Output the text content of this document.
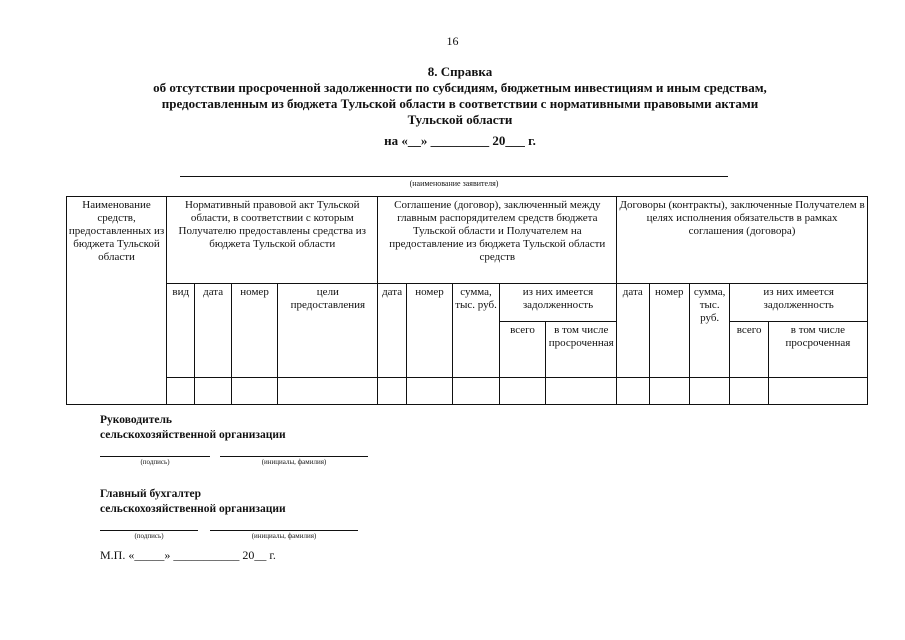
16
8. Справка
об отсутствии просроченной задолженности по субсидиям, бюджетным инвестициям и иным средствам,
предоставленным из бюджета Тульской области в соответствии с нормативными правовыми актами
Тульской области
на «__» _________ 20___ г.
(наименование заявителя)
Наименование средств, предоставленных из бюджета Тульской области	Нормативный правовой акт Тульской области, в соответствии с которым Получателю предоставлены средства из бюджета Тульской области				Соглашение (договор), заключенный между главным распорядителем средств бюджета Тульской области и Получателем на предоставление из бюджета Тульской области средств					Договоры (контракты), заключенные Получателем в целях исполнения обязательств в рамках соглашения (договора)				
	вид	дата	номер	цели предоставления	дата	номер	сумма, тыс. руб.	из них имеется задолженность		дата	номер	сумма, тыс. руб.	из них имеется задолженность	
								всего	в том числе просроченная				всего	в том числе просроченная

Руководитель
сельскохозяйственной организации
(подпись)	(инициалы, фамилия)
Главный бухгалтер
сельскохозяйственной организации
(подпись)	(инициалы, фамилия)
М.П. «_____» ___________ 20__ г.
